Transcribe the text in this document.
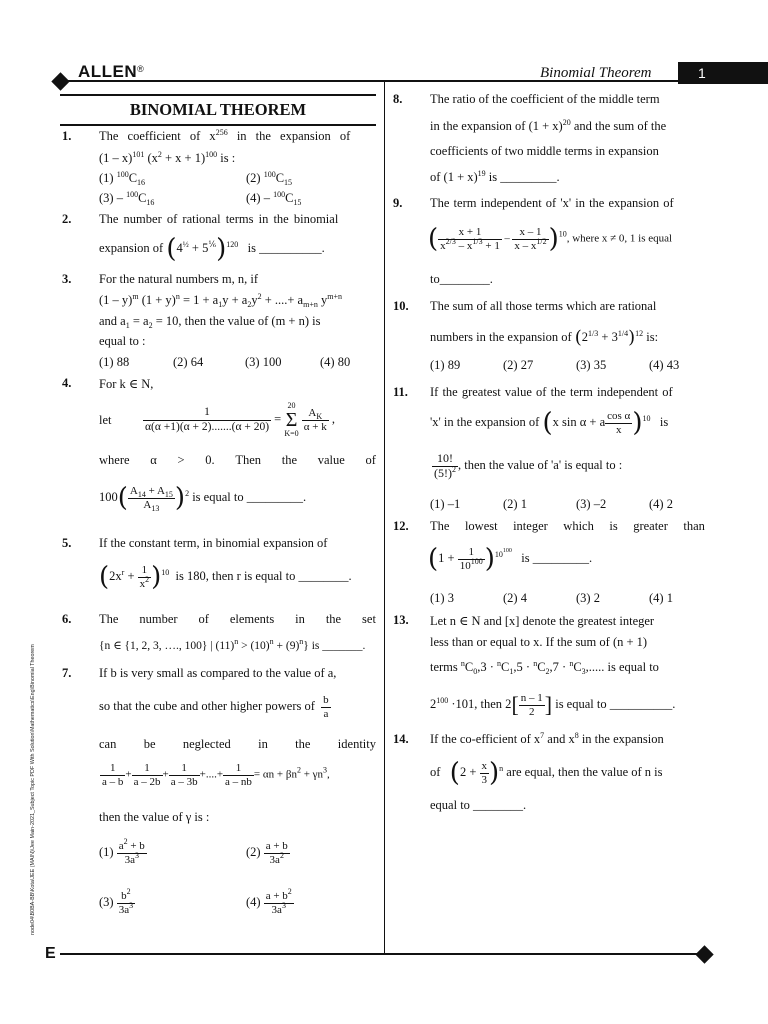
ALLEN®	Binomial Theorem	1
BINOMIAL THEOREM
1. The coefficient of $x^{256}$ in the expansion of
(1 – x)$^{101}$ $(x^2 + x + 1)^{100}$ is :
(1) $^{100}C_{16}$	(2) $^{100}C_{15}$
$(3) - ^{100}C_{16}$	$(4) - ^{100}C_{15}$
2. The number of rational terms in the binomial
expansion of $(4^{\frac{1}{2}} + 5^{\frac{1}{6}})^{120}$ is __________.
3. For the natural numbers m, n, if
(1 – y)$^m$ $(1 + y)^n = 1 + a_1y + a_2y^2$ + ....+ $a_{m+n}$ $y^{m+n}$
and $a_1 = a_2 = 10$, then the value of (m + n) is
equal to :
(1) 88	(2) 64	(3) 100	(4) 80
4. For k ∈ N,
let	$\frac{1}{\alpha(\alpha +1)(\alpha + 2).......(\alpha + 20)}$ =
20
Σ
K=0

$\frac{A_K}{\alpha + k}$ ,
where α > 0. Then the value of
$100( \frac{A_{14} + A_{15}}{A_{13}} )^2$ is equal to _________.
5. If the constant term, in binomial expansion of
$(2x^r + \frac{1}{x^2} )^{10}$ is 180, then r is equal to ________.
6. The number of elements in the set
{n ∈ {1, 2, 3, …., 100} | $(11)^n > (10)^n + (9)^n$} is _______.
7. If b is very small as compared to the value of a,
so that the cube and other higher powers of $\frac{b}{a}$
can be neglected in the identity
$\frac{1}{a - b} + \frac{1}{a - 2b} + \frac{1}{a - 3b}$ +....+ $\frac{1}{a - nb} = \alpha n + \beta n^2 + \gamma n^3$,
then the value of γ is :
$(1) \frac{a^2 + b}{3a^3}$	$(2) \frac{a + b}{3a^2}$
$(3) \frac{b^2}{3a^3}$	$(4) \frac{a + b^2}{3a^3}$
8. The ratio of the coefficient of the middle term
in the expansion of $(1 + x)^{20}$ and the sum of the
coefficients of two middle terms in expansion
of $(1 + x)^{19}$ is _________.
9. The term independent of 'x' in the expansion of
( $\frac{x + 1}{x^{2/3} - x^{1/3} + 1} - \frac{x - 1}{x - x^{1/2}} )^{10}$, where x ≠ 0, 1 is equal
to________.
10. The sum of all those terms which are rational
numbers in the expansion of $(2^{1/3} + 3^{1/4})^{12}$ is:
(1) 89	(2) 27	(3) 35	(4) 43
11. If the greatest value of the term independent of
'x' in the expansion of (x sin α + a $\frac{\text{cos α}}{x} )^{10}$ is
$\frac{10!}{(5!)^2}$ , then the value of 'a' is equal to :
(1) –1	(2) 1	(3) –2	(4) 2
12. The lowest integer which is greater than
$(1 + \frac{1}{10^{100}} )^{10^{100}}$ is _________.
(1) 3	(2) 4	(3) 2	(4) 1
13. Let n ∈ N and [x] denote the greatest integer
less than or equal to x. If the sum of (n + 1)
terms $^nC_0,3 \cdot ^nC_1,5 \cdot ^nC_2,7 \cdot ^nC_3$,..... is equal to
$2^{100} \cdot 101$, then $2[ \frac{n - 1}{2}$ ] is equal to __________.
14. If the co-efficient of $x^7$ and $x^8$ in the expansion
of $(2 + \frac{x}{3} )^n$ are equal, then the value of n is
equal to ________.
node04\B0BA-BB\Kota\JEE (MAIN)\Jee Main-2021_Subject Topic PDF With Solution\Mathematics\Eng\Binomial Theorem
E
